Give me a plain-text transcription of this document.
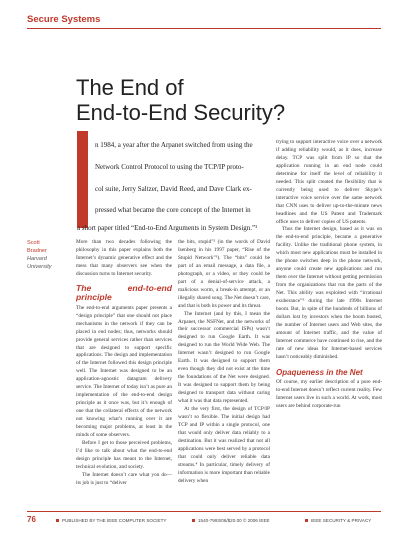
Secure Systems
The End of
End-to-End Security?
n 1984, a year after the Arpanet switched from using the
Network Control Protocol to using the TCP/IP proto-
col suite, Jerry Saltzer, David Reed, and Dave Clark ex-
pressed what became the core concept of the Internet in
a short paper titled “End-to-End Arguments in System Design.”¹
Scott
Bradner
Harvard University

More than two decades following the philosophy in this paper explains both the Internet’s dynamic generative effect and the mess that many observers see when the discussion turns to Internet security.

The end-to-end principle

The end-to-end arguments paper presents a “design principle” that one should not place mechanisms in the network if they can be placed in end nodes; thus, networks should provide general services rather than services that are designed to support specific applications. The design and implementation of the Internet followed this design principle well. The Internet was designed to be an application-agnostic datagram delivery service. The Internet of today isn’t as pure an implementation of the end-to-end design principle as it once was, but it’s enough of one that the collateral effects of the network not knowing what’s running over it are becoming major problems, at least in the minds of some observers.

Before I get to those perceived problems, I’d like to talk about what the end-to-end design principle has meant to the Internet, technical evolution, and society.

The Internet doesn’t care what you do—its job is just to “deliver

the bits, stupid”² (in the words of David Isenberg in his 1997 paper, “Rise of the Stupid Network”³). The “bits” could be part of an email message, a data file, a photograph, or a video, or they could be part of a denial-of-service attack, a malicious worm, a break-in attempt, or an illegally shared song. The Net doesn’t care, and that is both its power and its threat.

The Internet (and by this, I mean the Arpanet, the NSFNet, and the networks of their successor commercial ISPs) wasn’t designed to run Google Earth. It was designed to run the World Wide Web. The Internet wasn’t designed to run Google Earth. It was designed to support them even though they did not exist at the time the foundations of the Net were designed. It was designed to support them by being designed to transport data without caring what it was that data represented.

At the very first, the design of TCP/IP wasn’t so flexible. The initial design had TCP and IP within a single protocol, one that would only deliver data reliably to a destination. But it was realized that not all applications were best served by a protocol that could only deliver reliable data streams.⁴ In particular, timely delivery of information is more important than reliable delivery when

trying to support interactive voice over a network if adding reliability would, as it does, increase delay. TCP was split from IP so that the application running in an end node could determine for itself the level of reliability it needed. This split created the flexibility that is currently being used to deliver Skype’s interactive voice service over the same network that CNN uses to deliver up-to-the-minute news headlines and the US Patent and Trademark office uses to deliver copies of US patents.

Thus the Internet design, based as it was on the end-to-end principle, became a generative facility. Unlike the traditional phone system, in which most new applications must be installed in the phone switches deep in the phone network, anyone could create new applications and run them over the Internet without getting permission from the organizations that run the parts of the Net. This ability was exploited with “irrational exuberance”⁵ during the late 1990s Internet boom. But, in spite of the hundreds of billions of dollars lost by investors when the boom busted, the number of Internet users and Web sites, the amount of Internet traffic, and the value of Internet commerce have continued to rise, and the rate of new ideas for Internet-based services hasn’t noticeably diminished.

Opaqueness in the Net

Of course, my earlier description of a pure end-to-end Internet doesn’t reflect current reality. Few Internet users live in such a world. At work, most users are behind corporate-run

76	PUBLISHED BY THE IEEE COMPUTER SOCIETY	1540-7993/06/$20.00 © 2006 IEEE	IEEE SECURITY & PRIVACY
